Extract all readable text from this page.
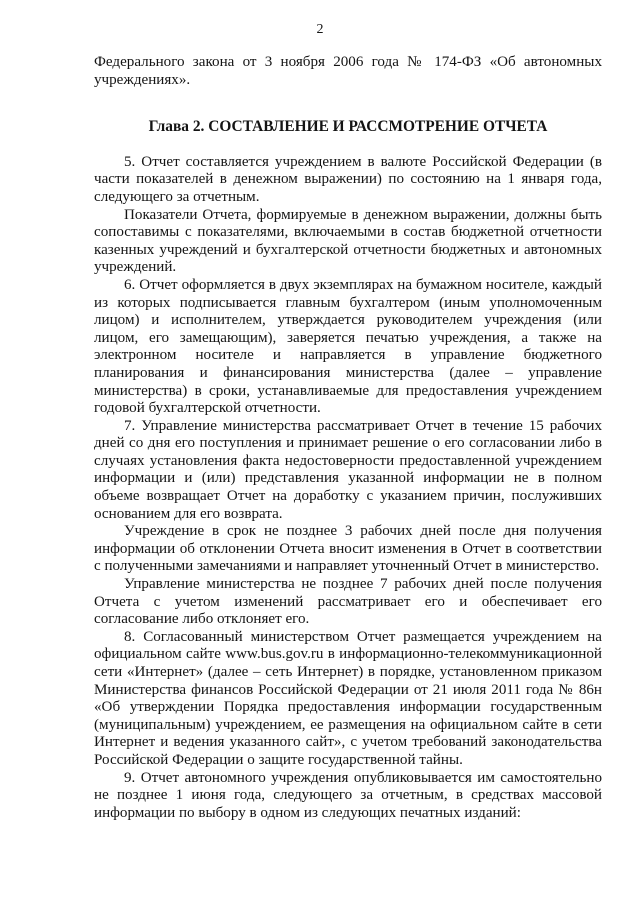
2

Федерального закона от 3 ноября 2006 года № 174-ФЗ «Об автономных учреждениях».

Глава 2. СОСТАВЛЕНИЕ И РАССМОТРЕНИЕ ОТЧЕТА

5. Отчет составляется учреждением в валюте Российской Федерации (в части показателей в денежном выражении) по состоянию на 1 января года, следующего за отчетным.

Показатели Отчета, формируемые в денежном выражении, должны быть сопоставимы с показателями, включаемыми в состав бюджетной отчетности казенных учреждений и бухгалтерской отчетности бюджетных и автономных учреждений.

6. Отчет оформляется в двух экземплярах на бумажном носителе, каждый из которых подписывается главным бухгалтером (иным уполномоченным лицом) и исполнителем, утверждается руководителем учреждения (или лицом, его замещающим), заверяется печатью учреждения, а также на электронном носителе и направляется в управление бюджетного планирования и финансирования министерства (далее – управление министерства) в сроки, устанавливаемые для предоставления учреждением годовой бухгалтерской отчетности.

7. Управление министерства рассматривает Отчет в течение 15 рабочих дней со дня его поступления и принимает решение о его согласовании либо в случаях установления факта недостоверности предоставленной учреждением информации и (или) представления указанной информации не в полном объеме возвращает Отчет на доработку с указанием причин, послуживших основанием для его возврата.

Учреждение в срок не позднее 3 рабочих дней после дня получения информации об отклонении Отчета вносит изменения в Отчет в соответствии с полученными замечаниями и направляет уточненный Отчет в министерство.

Управление министерства не позднее 7 рабочих дней после получения Отчета с учетом изменений рассматривает его и обеспечивает его согласование либо отклоняет его.

8. Согласованный министерством Отчет размещается учреждением на официальном сайте www.bus.gov.ru в информационно-телекоммуникационной сети «Интернет» (далее – сеть Интернет) в порядке, установленном приказом Министерства финансов Российской Федерации от 21 июля 2011 года № 86н «Об утверждении Порядка предоставления информации государственным (муниципальным) учреждением, ее размещения на официальном сайте в сети Интернет и ведения указанного сайт», с учетом требований законодательства Российской Федерации о защите государственной тайны.

9. Отчет автономного учреждения опубликовывается им самостоятельно не позднее 1 июня года, следующего за отчетным, в средствах массовой информации по выбору в одном из следующих печатных изданий:
